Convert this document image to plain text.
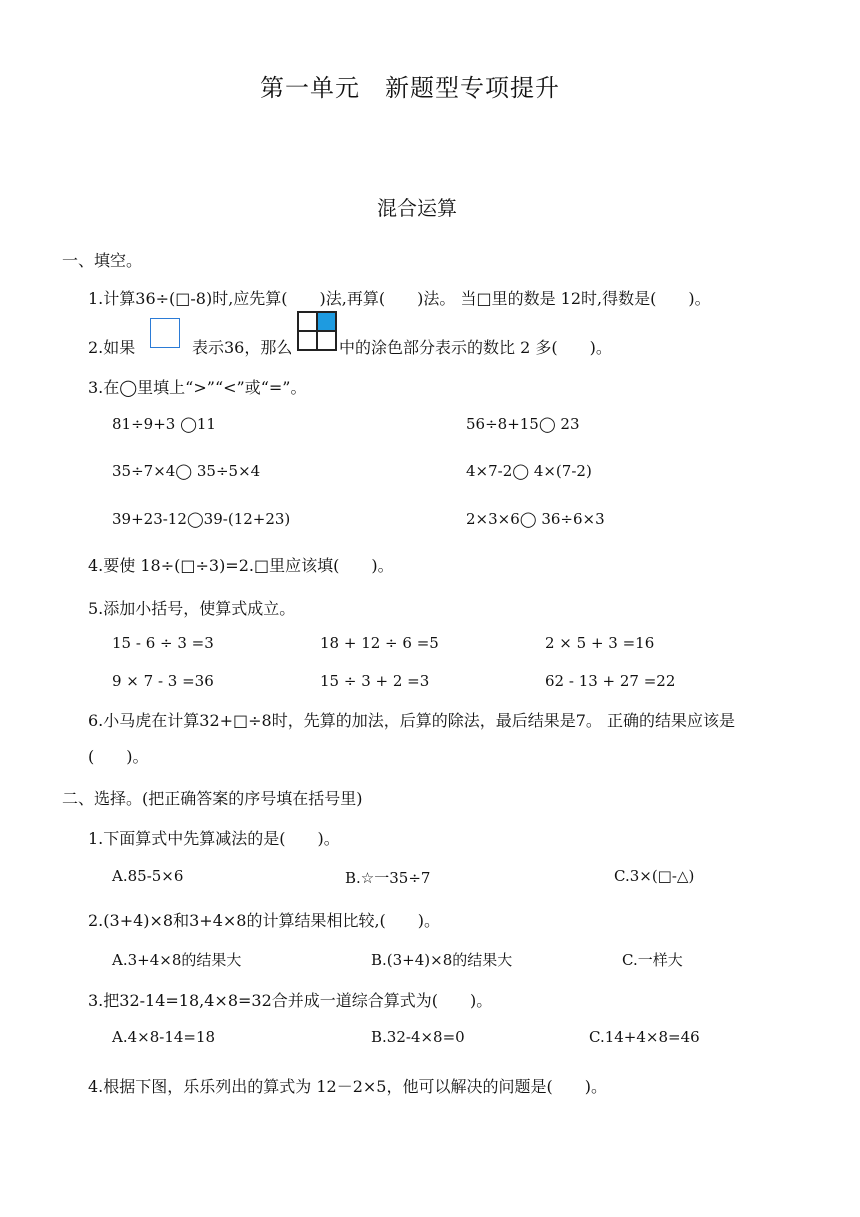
第一单元　新题型专项提升
混合运算
一、填空。
1.计算36÷(□-8)时,应先算(　　)法,再算(　　)法。 当□里的数是 12时,得数是(　　)。
2.如果	表示36，那么	中的涂色部分表示的数比 2 多(　　)。
3.在◯里填上“>”“<”或“=”。
81÷9+3 ◯11	56÷8+15◯ 23
35÷7×4◯ 35÷5×4	4×7-2◯ 4×(7-2)
39+23-12◯39-(12+23)	2×3×6◯ 36÷6×3
4.要使 18÷(□÷3)=2.□里应该填(　　)。
5.添加小括号，使算式成立。
15 - 6 ÷ 3 =3	18 + 12 ÷ 6 =5	2 × 5 + 3 =16
9 × 7 - 3 =36	15 ÷ 3 + 2 =3	62 - 13 + 27 =22
6.小马虎在计算32+□÷8时，先算的加法，后算的除法，最后结果是7。 正确的结果应该是
(　　)。
二、选择。(把正确答案的序号填在括号里)
1.下面算式中先算减法的是(　　)。
A.85-5×6	B.☆一35÷7	C.3×(□-△)
2.(3+4)×8和3+4×8的计算结果相比较,(　　)。
A.3+4×8的结果大	B.(3+4)×8的结果大	C.一样大
3.把32-14=18,4×8=32合并成一道综合算式为(　　)。
A.4×8-14=18	B.32-4×8=0	C.14+4×8=46
4.根据下图，乐乐列出的算式为 12－2×5，他可以解决的问题是(　　)。
